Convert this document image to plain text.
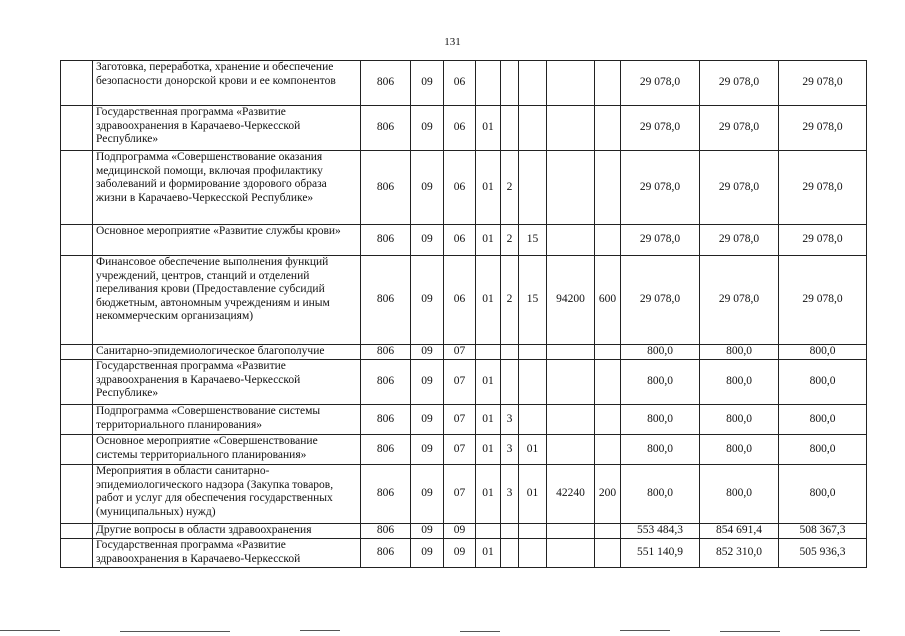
131
	Заготовка, переработка, хранение и обеспечение безопасности донорской крови и ее компонентов	806	09	06						29 078,0	29 078,0	29 078,0
	Государственная программа «Развитие здравоохранения в Карачаево-Черкесской Республике»	806	09	06	01					29 078,0	29 078,0	29 078,0
	Подпрограмма «Совершенствование оказания медицинской помощи, включая профилактику заболеваний и формирование здорового образа жизни в Карачаево-Черкесской Республике»	806	09	06	01	2				29 078,0	29 078,0	29 078,0
	Основное мероприятие «Развитие службы крови»	806	09	06	01	2	15			29 078,0	29 078,0	29 078,0
	Финансовое обеспечение выполнения функций учреждений, центров, станций и отделений переливания крови (Предоставление субсидий бюджетным, автономным учреждениям и иным некоммерческим организациям)	806	09	06	01	2	15	94200	600	29 078,0	29 078,0	29 078,0
	Санитарно-эпидемиологическое благополучие	806	09	07						800,0	800,0	800,0
	Государственная программа «Развитие здравоохранения в Карачаево-Черкесской Республике»	806	09	07	01					800,0	800,0	800,0
	Подпрограмма «Совершенствование системы территориального планирования»	806	09	07	01	3				800,0	800,0	800,0
	Основное мероприятие «Совершенствование системы территориального планирования»	806	09	07	01	3	01			800,0	800,0	800,0
	Мероприятия в области санитарно-эпидемиологического надзора (Закупка товаров, работ и услуг для обеспечения государственных (муниципальных) нужд)	806	09	07	01	3	01	42240	200	800,0	800,0	800,0
	Другие вопросы в области здравоохранения	806	09	09						553 484,3	854 691,4	508 367,3
	Государственная программа «Развитие здравоохранения в Карачаево-Черкесской	806	09	09	01					551 140,9	852 310,0	505 936,3
